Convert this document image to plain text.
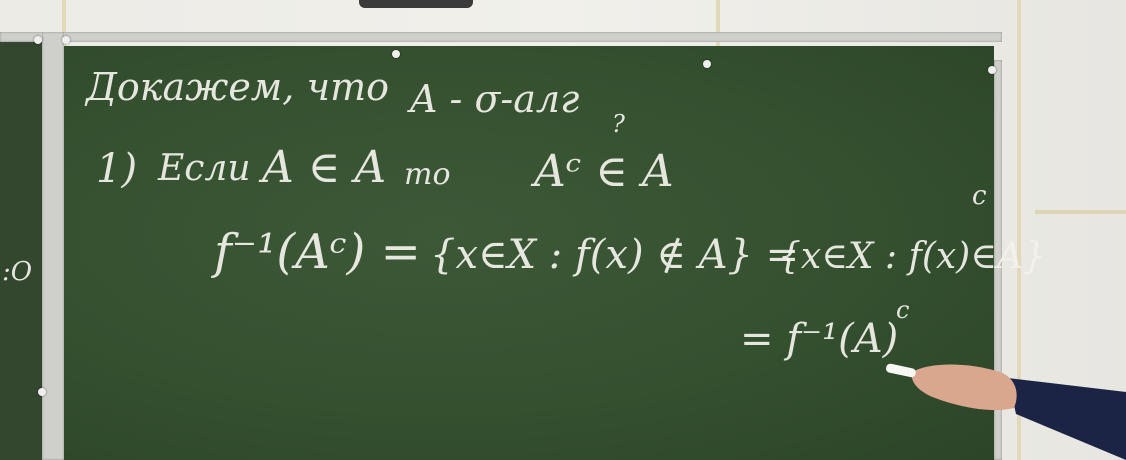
:O
Докажем, что A - σ-алг
1) Если A ∈ A то Aᶜ ∈ A
?
f⁻¹(Aᶜ) = {x∈X : f(x) ∉ A} =
{x∈X : f(x)∈A}
c
= f⁻¹(A)
c
